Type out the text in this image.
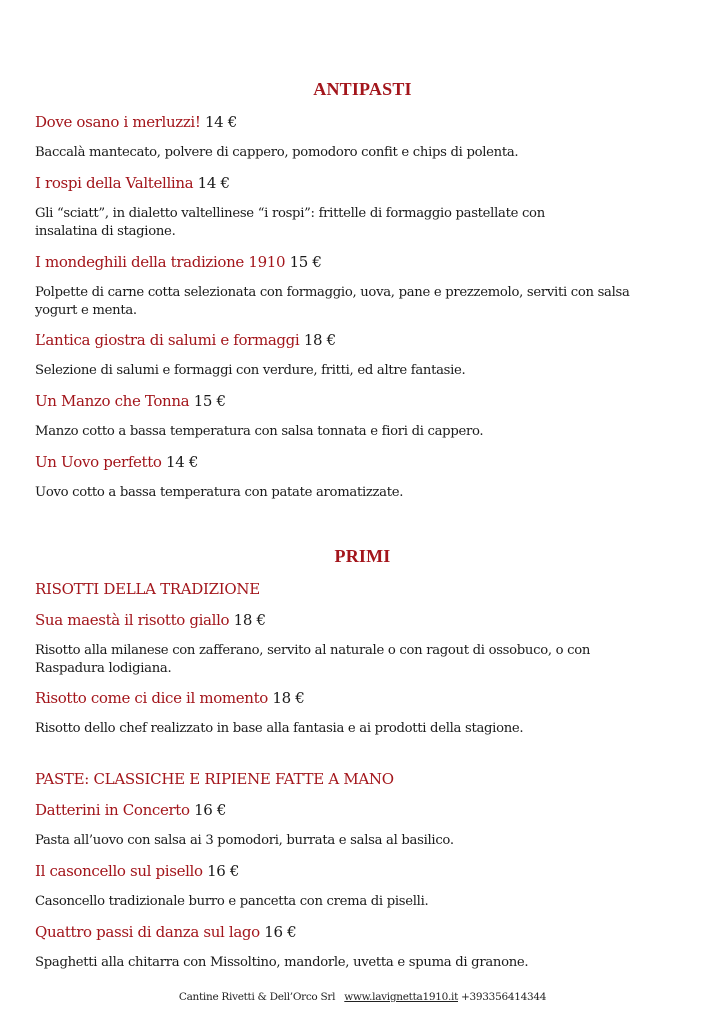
ANTIPASTI
Dove osano i merluzzi! 14 €
Baccalà mantecato, polvere di cappero, pomodoro confit e chips di polenta.
I rospi della Valtellina 14 €
Gli “sciatt”, in dialetto valtellinese “i rospi”: frittelle di formaggio pastellate con insalatina di stagione.
I mondeghili della tradizione 1910 15 €
Polpette di carne cotta selezionata con formaggio, uova, pane e prezzemolo, serviti con salsa yogurt e menta.
L’antica giostra di salumi e formaggi 18 €
Selezione di salumi e formaggi con verdure, fritti, ed altre fantasie.
Un Manzo che Tonna 15 €
Manzo cotto a bassa temperatura con salsa tonnata e fiori di cappero.
Un Uovo perfetto 14 €
Uovo cotto a bassa temperatura con patate aromatizzate.
PRIMI
RISOTTI DELLA TRADIZIONE
Sua maestà il risotto giallo 18 €
Risotto alla milanese con zafferano, servito al naturale o con ragout di ossobuco, o con Raspadura lodigiana.
Risotto come ci dice il momento 18 €
Risotto dello chef realizzato in base alla fantasia e ai prodotti della stagione.
PASTE: CLASSICHE E RIPIENE FATTE A MANO
Datterini in Concerto 16 €
Pasta all’uovo con salsa ai 3 pomodori, burrata e salsa al basilico.
Il casoncello sul pisello 16 €
Casoncello tradizionale burro e pancetta con crema di piselli.
Quattro passi di danza sul lago 16 €
Spaghetti alla chitarra con Missoltino, mandorle, uvetta e spuma di granone.
Cantine Rivetti & Dell’Orco Srl www.lavignetta1910.it +393356414344
